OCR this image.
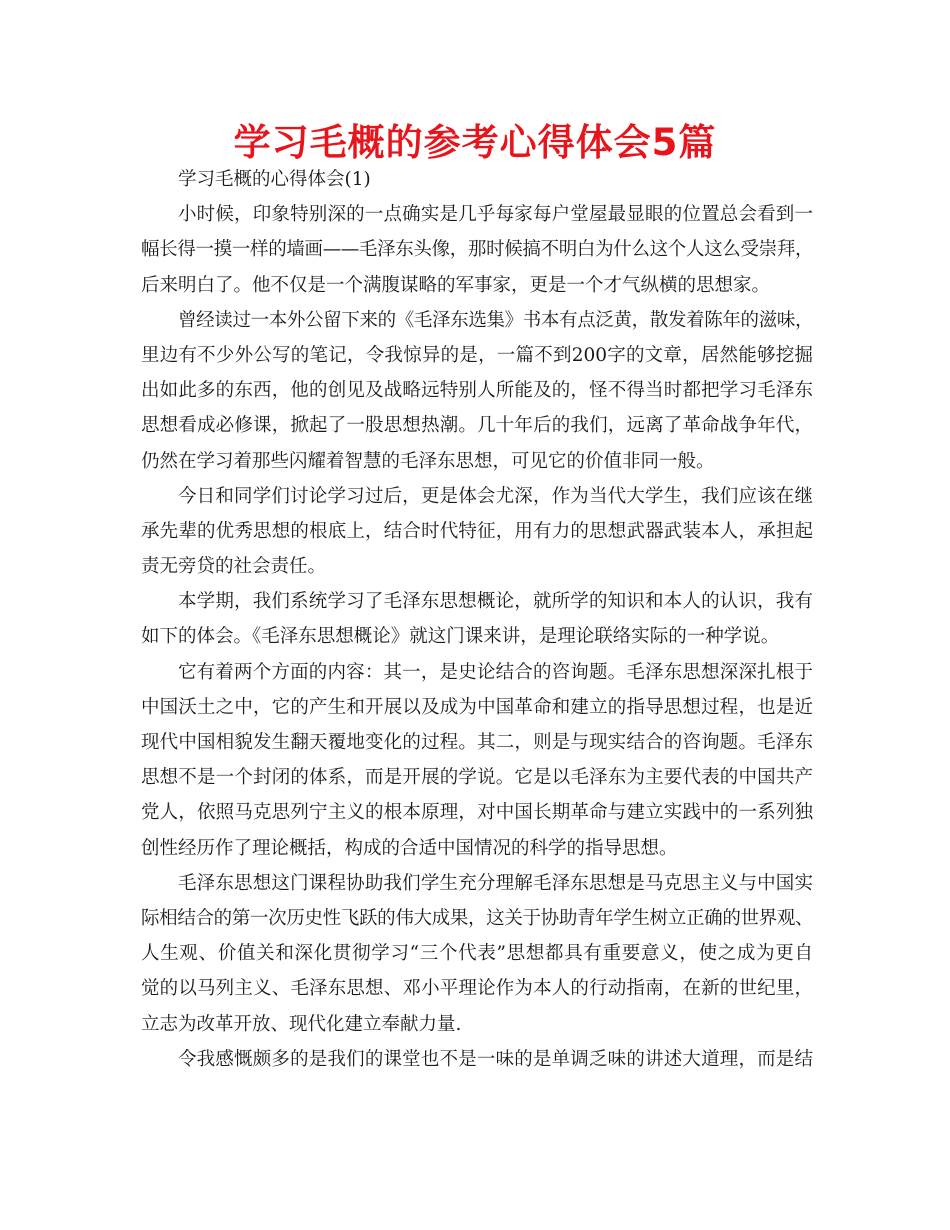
学习毛概的参考心得体会5篇
学习毛概的心得体会(1)
小时候，印象特别深的一点确实是几乎每家每户堂屋最显眼的位置总会看到一
幅长得一摸一样的墙画——毛泽东头像，那时候搞不明白为什么这个人这么受崇拜，
后来明白了。他不仅是一个满腹谋略的军事家，更是一个才气纵横的思想家。
曾经读过一本外公留下来的《毛泽东选集》书本有点泛黄，散发着陈年的滋味，
里边有不少外公写的笔记，令我惊异的是，一篇不到200字的文章，居然能够挖掘
出如此多的东西，他的创见及战略远特别人所能及的，怪不得当时都把学习毛泽东
思想看成必修课，掀起了一股思想热潮。几十年后的我们，远离了革命战争年代，
仍然在学习着那些闪耀着智慧的毛泽东思想，可见它的价值非同一般。
今日和同学们讨论学习过后，更是体会尤深，作为当代大学生，我们应该在继
承先辈的优秀思想的根底上，结合时代特征，用有力的思想武器武装本人，承担起
责无旁贷的社会责任。
本学期，我们系统学习了毛泽东思想概论，就所学的知识和本人的认识，我有
如下的体会。《毛泽东思想概论》就这门课来讲，是理论联络实际的一种学说。
它有着两个方面的内容：其一，是史论结合的咨询题。毛泽东思想深深扎根于
中国沃土之中，它的产生和开展以及成为中国革命和建立的指导思想过程，也是近
现代中国相貌发生翻天覆地变化的过程。其二，则是与现实结合的咨询题。毛泽东
思想不是一个封闭的体系，而是开展的学说。它是以毛泽东为主要代表的中国共产
党人，依照马克思列宁主义的根本原理，对中国长期革命与建立实践中的一系列独
创性经历作了理论概括，构成的合适中国情况的科学的指导思想。
毛泽东思想这门课程协助我们学生充分理解毛泽东思想是马克思主义与中国实
际相结合的第一次历史性飞跃的伟大成果，这关于协助青年学生树立正确的世界观、
人生观、价值关和深化贯彻学习“三个代表”思想都具有重要意义，使之成为更自
觉的以马列主义、毛泽东思想、邓小平理论作为本人的行动指南，在新的世纪里，
立志为改革开放、现代化建立奉献力量.
令我感慨颇多的是我们的课堂也不是一味的是单调乏味的讲述大道理，而是结
